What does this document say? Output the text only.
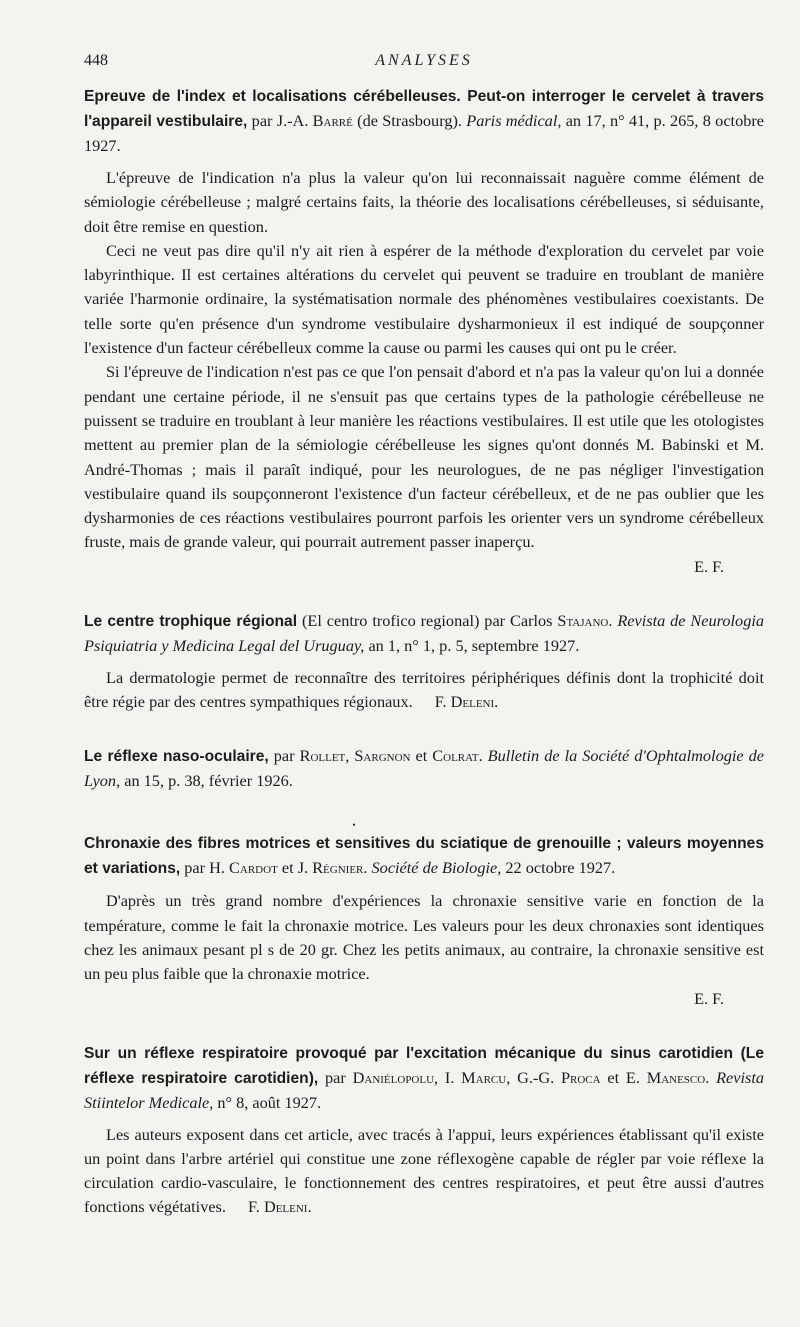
448	ANALYSES

Epreuve de l'index et localisations cérébelleuses. Peut-on interroger le cervelet à travers l'appareil vestibulaire, par J.-A. Barré (de Strasbourg). Paris médical, an 17, n° 41, p. 265, 8 octobre 1927.

L'épreuve de l'indication n'a plus la valeur qu'on lui reconnaissait naguère comme élément de sémiologie cérébelleuse ; malgré certains faits, la théorie des localisations cérébelleuses, si séduisante, doit être remise en question.

Ceci ne veut pas dire qu'il n'y ait rien à espérer de la méthode d'exploration du cervelet par voie labyrinthique. Il est certaines altérations du cervelet qui peuvent se traduire en troublant de manière variée l'harmonie ordinaire, la systématisation normale des phénomènes vestibulaires coexistants. De telle sorte qu'en présence d'un syndrome vestibulaire dysharmonieux il est indiqué de soupçonner l'existence d'un facteur cérébelleux comme la cause ou parmi les causes qui ont pu le créer.

Si l'épreuve de l'indication n'est pas ce que l'on pensait d'abord et n'a pas la valeur qu'on lui a donnée pendant une certaine période, il ne s'ensuit pas que certains types de la pathologie cérébelleuse ne puissent se traduire en troublant à leur manière les réactions vestibulaires. Il est utile que les otologistes mettent au premier plan de la sémiologie cérébelleuse les signes qu'ont donnés M. Babinski et M. André-Thomas ; mais il paraît indiqué, pour les neurologues, de ne pas négliger l'investigation vestibulaire quand ils soupçonneront l'existence d'un facteur cérébelleux, et de ne pas oublier que les dysharmonies de ces réactions vestibulaires pourront parfois les orienter vers un syndrome cérébelleux fruste, mais de grande valeur, qui pourrait autrement passer inaperçu.

E. F.

Le centre trophique régional (El centro trofico regional) par Carlos Stajano. Revista de Neurologia Psiquiatria y Medicina Legal del Uruguay, an 1, n° 1, p. 5, septembre 1927.

La dermatologie permet de reconnaître des territoires périphériques définis dont la trophicité doit être régie par des centres sympathiques régionaux. F. Deleni.

Le réflexe naso-oculaire, par Rollet, Sargnon et Colrat. Bulletin de la Société d'Ophtalmologie de Lyon, an 15, p. 38, février 1926.

•

Chronaxie des fibres motrices et sensitives du sciatique de grenouille ; valeurs moyennes et variations, par H. Cardot et J. Régnier. Société de Biologie, 22 octobre 1927.

D'après un très grand nombre d'expériences la chronaxie sensitive varie en fonction de la température, comme le fait la chronaxie motrice. Les valeurs pour les deux chronaxies sont identiques chez les animaux pesant pl s de 20 gr. Chez les petits animaux, au contraire, la chronaxie sensitive est un peu plus faible que la chronaxie motrice.

E. F.

Sur un réflexe respiratoire provoqué par l'excitation mécanique du sinus carotidien (Le réflexe respiratoire carotidien), par Daniélopolu, I. Marcu, G.-G. Proca et E. Manesco. Revista Stiintelor Medicale, n° 8, août 1927.

Les auteurs exposent dans cet article, avec tracés à l'appui, leurs expériences établissant qu'il existe un point dans l'arbre artériel qui constitue une zone réflexogène capable de régler par voie réflexe la circulation cardio-vasculaire, le fonctionnement des centres respiratoires, et peut être aussi d'autres fonctions végétatives. F. Deleni.
